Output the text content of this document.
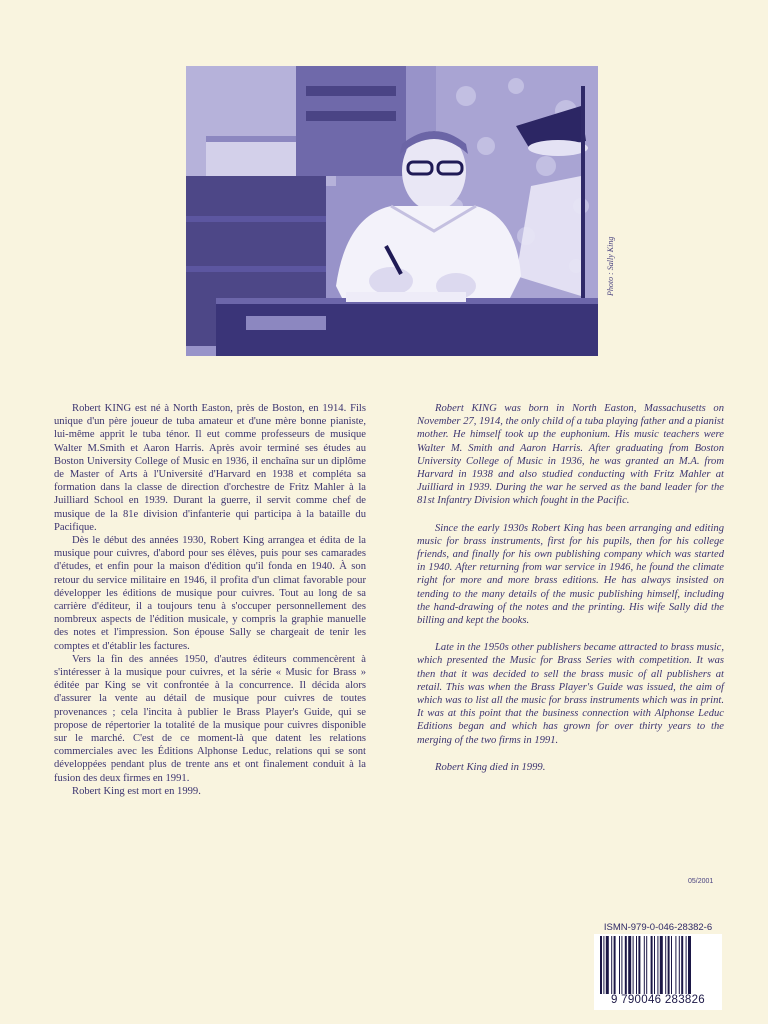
Photo : Sally King

Robert KING est né à North Easton, près de Boston, en 1914. Fils unique d'un père joueur de tuba amateur et d'une mère bonne pianiste, lui-même apprit le tuba ténor. Il eut comme professeurs de musique Walter M.Smith et Aaron Harris. Après avoir terminé ses études au Boston University College of Music en 1936, il enchaîna sur un diplôme de Master of Arts à l'Université d'Harvard en 1938 et compléta sa formation dans la classe de direction d'orchestre de Fritz Mahler à la Juilliard School en 1939. Durant la guerre, il servit comme chef de musique de la 81e division d'infanterie qui participa à la bataille du Pacifique.

Dès le début des années 1930, Robert King arrangea et édita de la musique pour cuivres, d'abord pour ses élèves, puis pour ses camarades d'études, et enfin pour la maison d'édition qu'il fonda en 1940. À son retour du service militaire en 1946, il profita d'un climat favorable pour développer les éditions de musique pour cuivres. Tout au long de sa carrière d'éditeur, il a toujours tenu à s'occuper personnellement des nombreux aspects de l'édition musicale, y compris la graphie manuelle des notes et l'impression. Son épouse Sally se chargeait de tenir les comptes et d'établir les factures.

Vers la fin des années 1950, d'autres éditeurs commencèrent à s'intéresser à la musique pour cuivres, et la série « Music for Brass » éditée par King se vit confrontée à la concurrence. Il décida alors d'assurer la vente au détail de musique pour cuivres de toutes provenances ; cela l'incita à publier le Brass Player's Guide, qui se propose de répertorier la totalité de la musique pour cuivres disponible sur le marché. C'est de ce moment-là que datent les relations commerciales avec les Éditions Alphonse Leduc, relations qui se sont développées pendant plus de trente ans et ont finalement conduit à la fusion des deux firmes en 1991.

Robert King est mort en 1999.

Robert KING was born in North Easton, Massachusetts on November 27, 1914, the only child of a tuba playing father and a pianist mother. He himself took up the euphonium. His music teachers were Walter M. Smith and Aaron Harris. After graduating from Boston University College of Music in 1936, he was granted an M.A. from Harvard in 1938 and also studied conducting with Fritz Mahler at Juilliard in 1939. During the war he served as the band leader for the 81st Infantry Division which fought in the Pacific.

Since the early 1930s Robert King has been arranging and editing music for brass instruments, first for his pupils, then for his college friends, and finally for his own publishing company which was started in 1940. After returning from war service in 1946, he found the climate right for more and more brass editions. He has always insisted on tending to the many details of the music publishing himself, including the hand-drawing of the notes and the printing. His wife Sally did the billing and kept the books.

Late in the 1950s other publishers became attracted to brass music, which presented the Music for Brass Series with competition. It was then that it was decided to sell the brass music of all publishers at retail. This was when the Brass Player's Guide was issued, the aim of which was to list all the music for brass instruments which was in print. It was at this point that the business connection with Alphonse Leduc Editions began and which has grown for over thirty years to the merging of the two firms in 1991.

Robert King died in 1999.

05/2001
ISMN-979-0-046-28382-6
9 790046 283826
